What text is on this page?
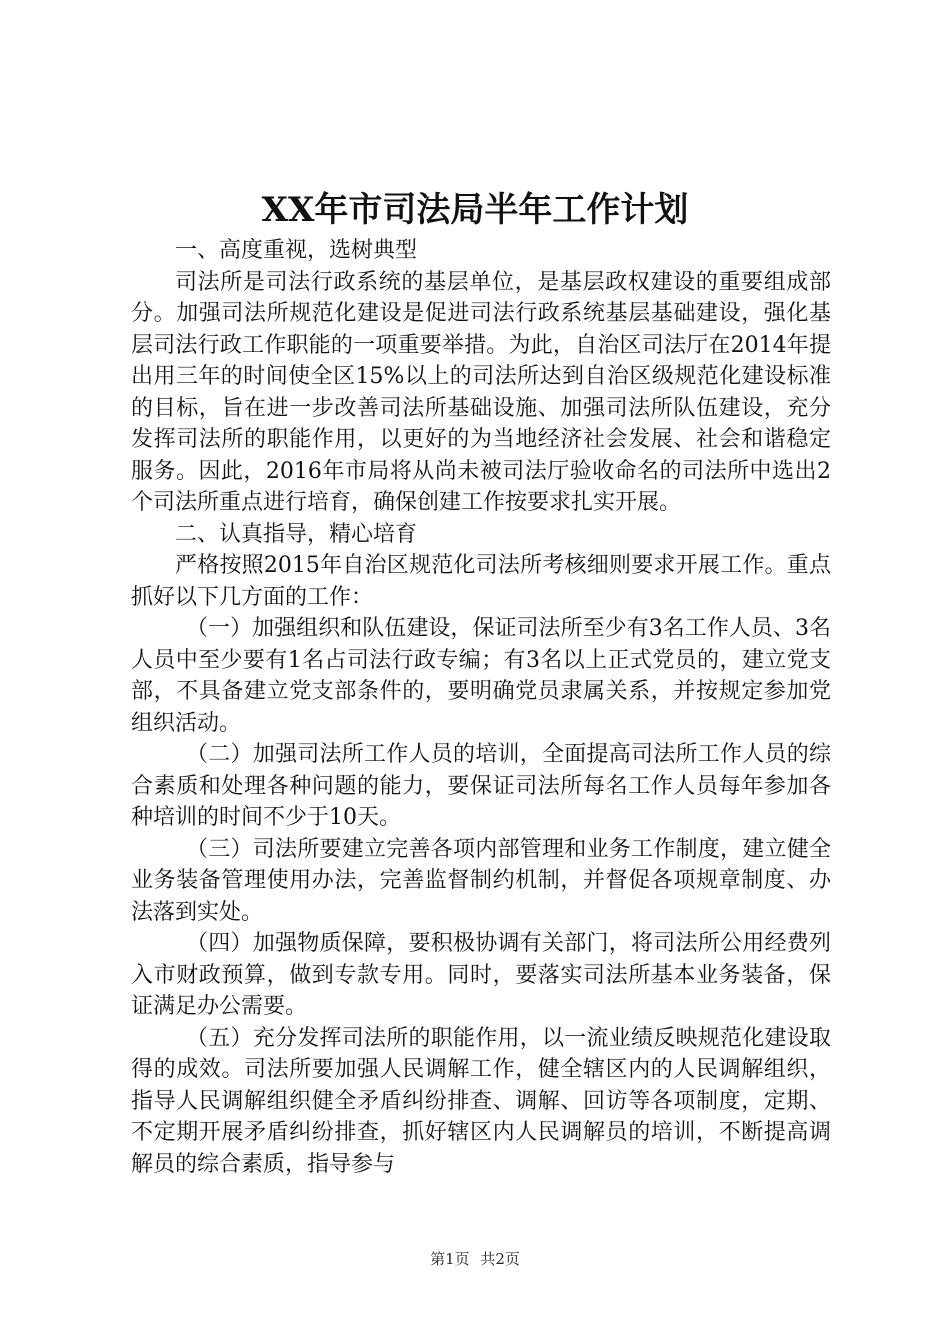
XX年市司法局半年工作计划

一、高度重视，选树典型

司法所是司法行政系统的基层单位，是基层政权建设的重要组成部分。加强司法所规范化建设是促进司法行政系统基层基础建设，强化基层司法行政工作职能的一项重要举措。为此，自治区司法厅在2014年提出用三年的时间使全区15%以上的司法所达到自治区级规范化建设标准的目标，旨在进一步改善司法所基础设施、加强司法所队伍建设，充分发挥司法所的职能作用，以更好的为当地经济社会发展、社会和谐稳定服务。因此，2016年市局将从尚未被司法厅验收命名的司法所中选出2个司法所重点进行培育，确保创建工作按要求扎实开展。

二、认真指导，精心培育

严格按照2015年自治区规范化司法所考核细则要求开展工作。重点抓好以下几方面的工作：

（一）加强组织和队伍建设，保证司法所至少有3名工作人员、3名人员中至少要有1名占司法行政专编；有3名以上正式党员的，建立党支部，不具备建立党支部条件的，要明确党员隶属关系，并按规定参加党组织活动。

（二）加强司法所工作人员的培训，全面提高司法所工作人员的综合素质和处理各种问题的能力，要保证司法所每名工作人员每年参加各种培训的时间不少于10天。

（三）司法所要建立完善各项内部管理和业务工作制度，建立健全业务装备管理使用办法，完善监督制约机制，并督促各项规章制度、办法落到实处。

（四）加强物质保障，要积极协调有关部门，将司法所公用经费列入市财政预算，做到专款专用。同时，要落实司法所基本业务装备，保证满足办公需要。

（五）充分发挥司法所的职能作用，以一流业绩反映规范化建设取得的成效。司法所要加强人民调解工作，健全辖区内的人民调解组织，指导人民调解组织健全矛盾纠纷排查、调解、回访等各项制度，定期、不定期开展矛盾纠纷排查，抓好辖区内人民调解员的培训，不断提高调解员的综合素质，指导参与

第1页 共2页
